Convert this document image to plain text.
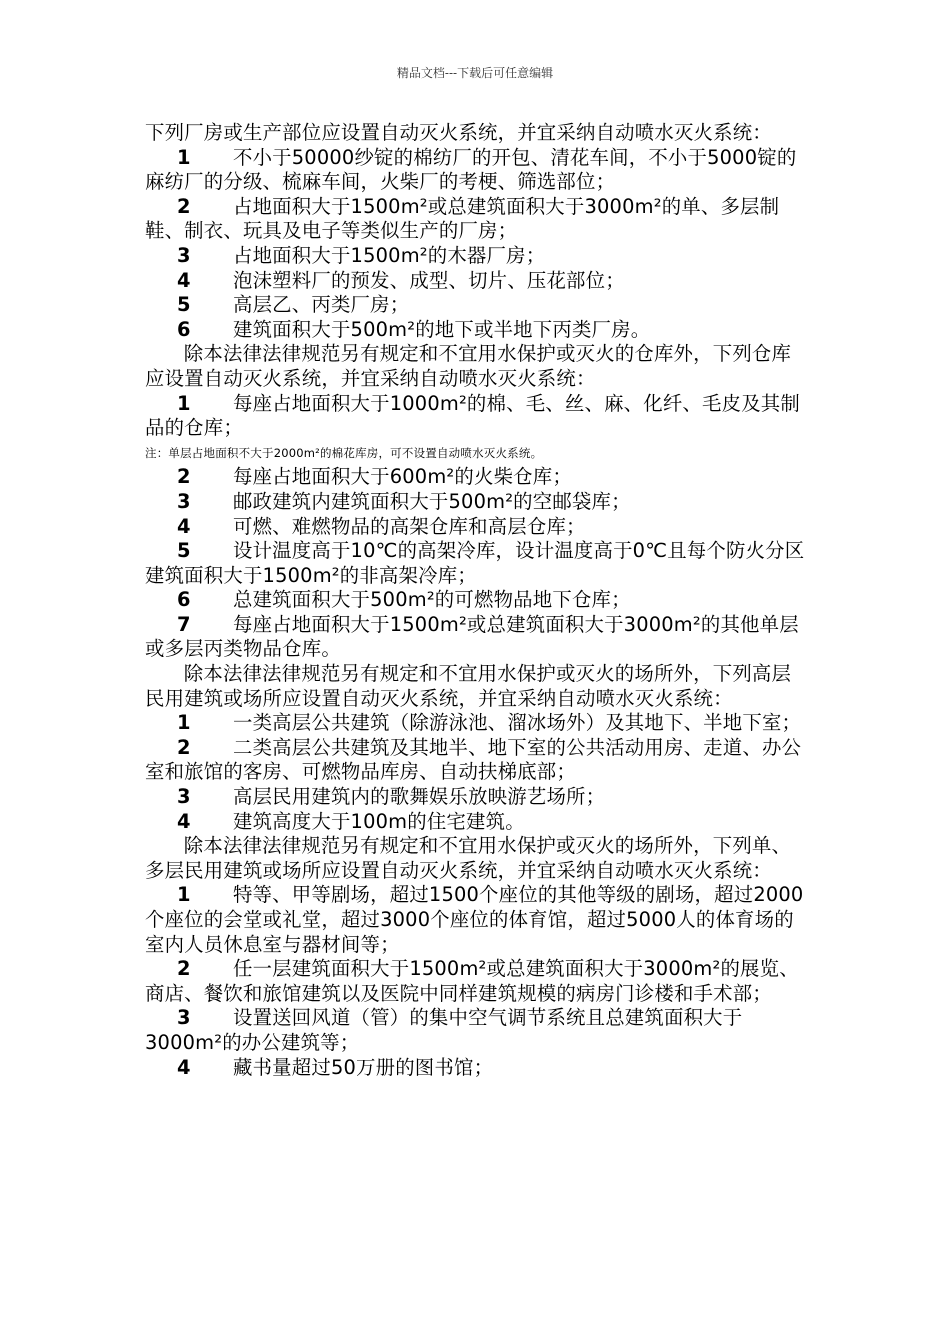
精品文档---下载后可任意编辑

下列厂房或生产部位应设置自动灭火系统，并宜采纳自动喷水灭火系统：

1 不小于50000纱锭的棉纺厂的开包、清花车间，不小于5000锭的麻纺厂的分级、梳麻车间，火柴厂的考梗、筛选部位；

2 占地面积大于1500m²或总建筑面积大于3000m²的单、多层制鞋、制衣、玩具及电子等类似生产的厂房；

3 占地面积大于1500m²的木器厂房；

4 泡沫塑料厂的预发、成型、切片、压花部位；

5 高层乙、丙类厂房；

6 建筑面积大于500m²的地下或半地下丙类厂房。

除本法律法律规范另有规定和不宜用水保护或灭火的仓库外，下列仓库应设置自动灭火系统，并宜采纳自动喷水灭火系统：

1 每座占地面积大于1000m²的棉、毛、丝、麻、化纤、毛皮及其制品的仓库；

注：单层占地面积不大于2000m²的棉花库房，可不设置自动喷水灭火系统。

2 每座占地面积大于600m²的火柴仓库；

3 邮政建筑内建筑面积大于500m²的空邮袋库；

4 可燃、难燃物品的高架仓库和高层仓库；

5 设计温度高于10℃的高架冷库，设计温度高于0℃且每个防火分区建筑面积大于1500m²的非高架冷库；

6 总建筑面积大于500m²的可燃物品地下仓库；

7 每座占地面积大于1500m²或总建筑面积大于3000m²的其他单层或多层丙类物品仓库。

除本法律法律规范另有规定和不宜用水保护或灭火的场所外，下列高层民用建筑或场所应设置自动灭火系统，并宜采纳自动喷水灭火系统：

1 一类高层公共建筑（除游泳池、溜冰场外）及其地下、半地下室；

2 二类高层公共建筑及其地半、地下室的公共活动用房、走道、办公室和旅馆的客房、可燃物品库房、自动扶梯底部；

3 高层民用建筑内的歌舞娱乐放映游艺场所；

4 建筑高度大于100m的住宅建筑。

除本法律法律规范另有规定和不宜用水保护或灭火的场所外，下列单、多层民用建筑或场所应设置自动灭火系统，并宜采纳自动喷水灭火系统：

1 特等、甲等剧场，超过1500个座位的其他等级的剧场，超过2000个座位的会堂或礼堂，超过3000个座位的体育馆，超过5000人的体育场的室内人员休息室与器材间等；

2 任一层建筑面积大于1500m²或总建筑面积大于3000m²的展览、商店、餐饮和旅馆建筑以及医院中同样建筑规模的病房门诊楼和手术部；

3 设置送回风道（管）的集中空气调节系统且总建筑面积大于3000m²的办公建筑等；

4 藏书量超过50万册的图书馆；
